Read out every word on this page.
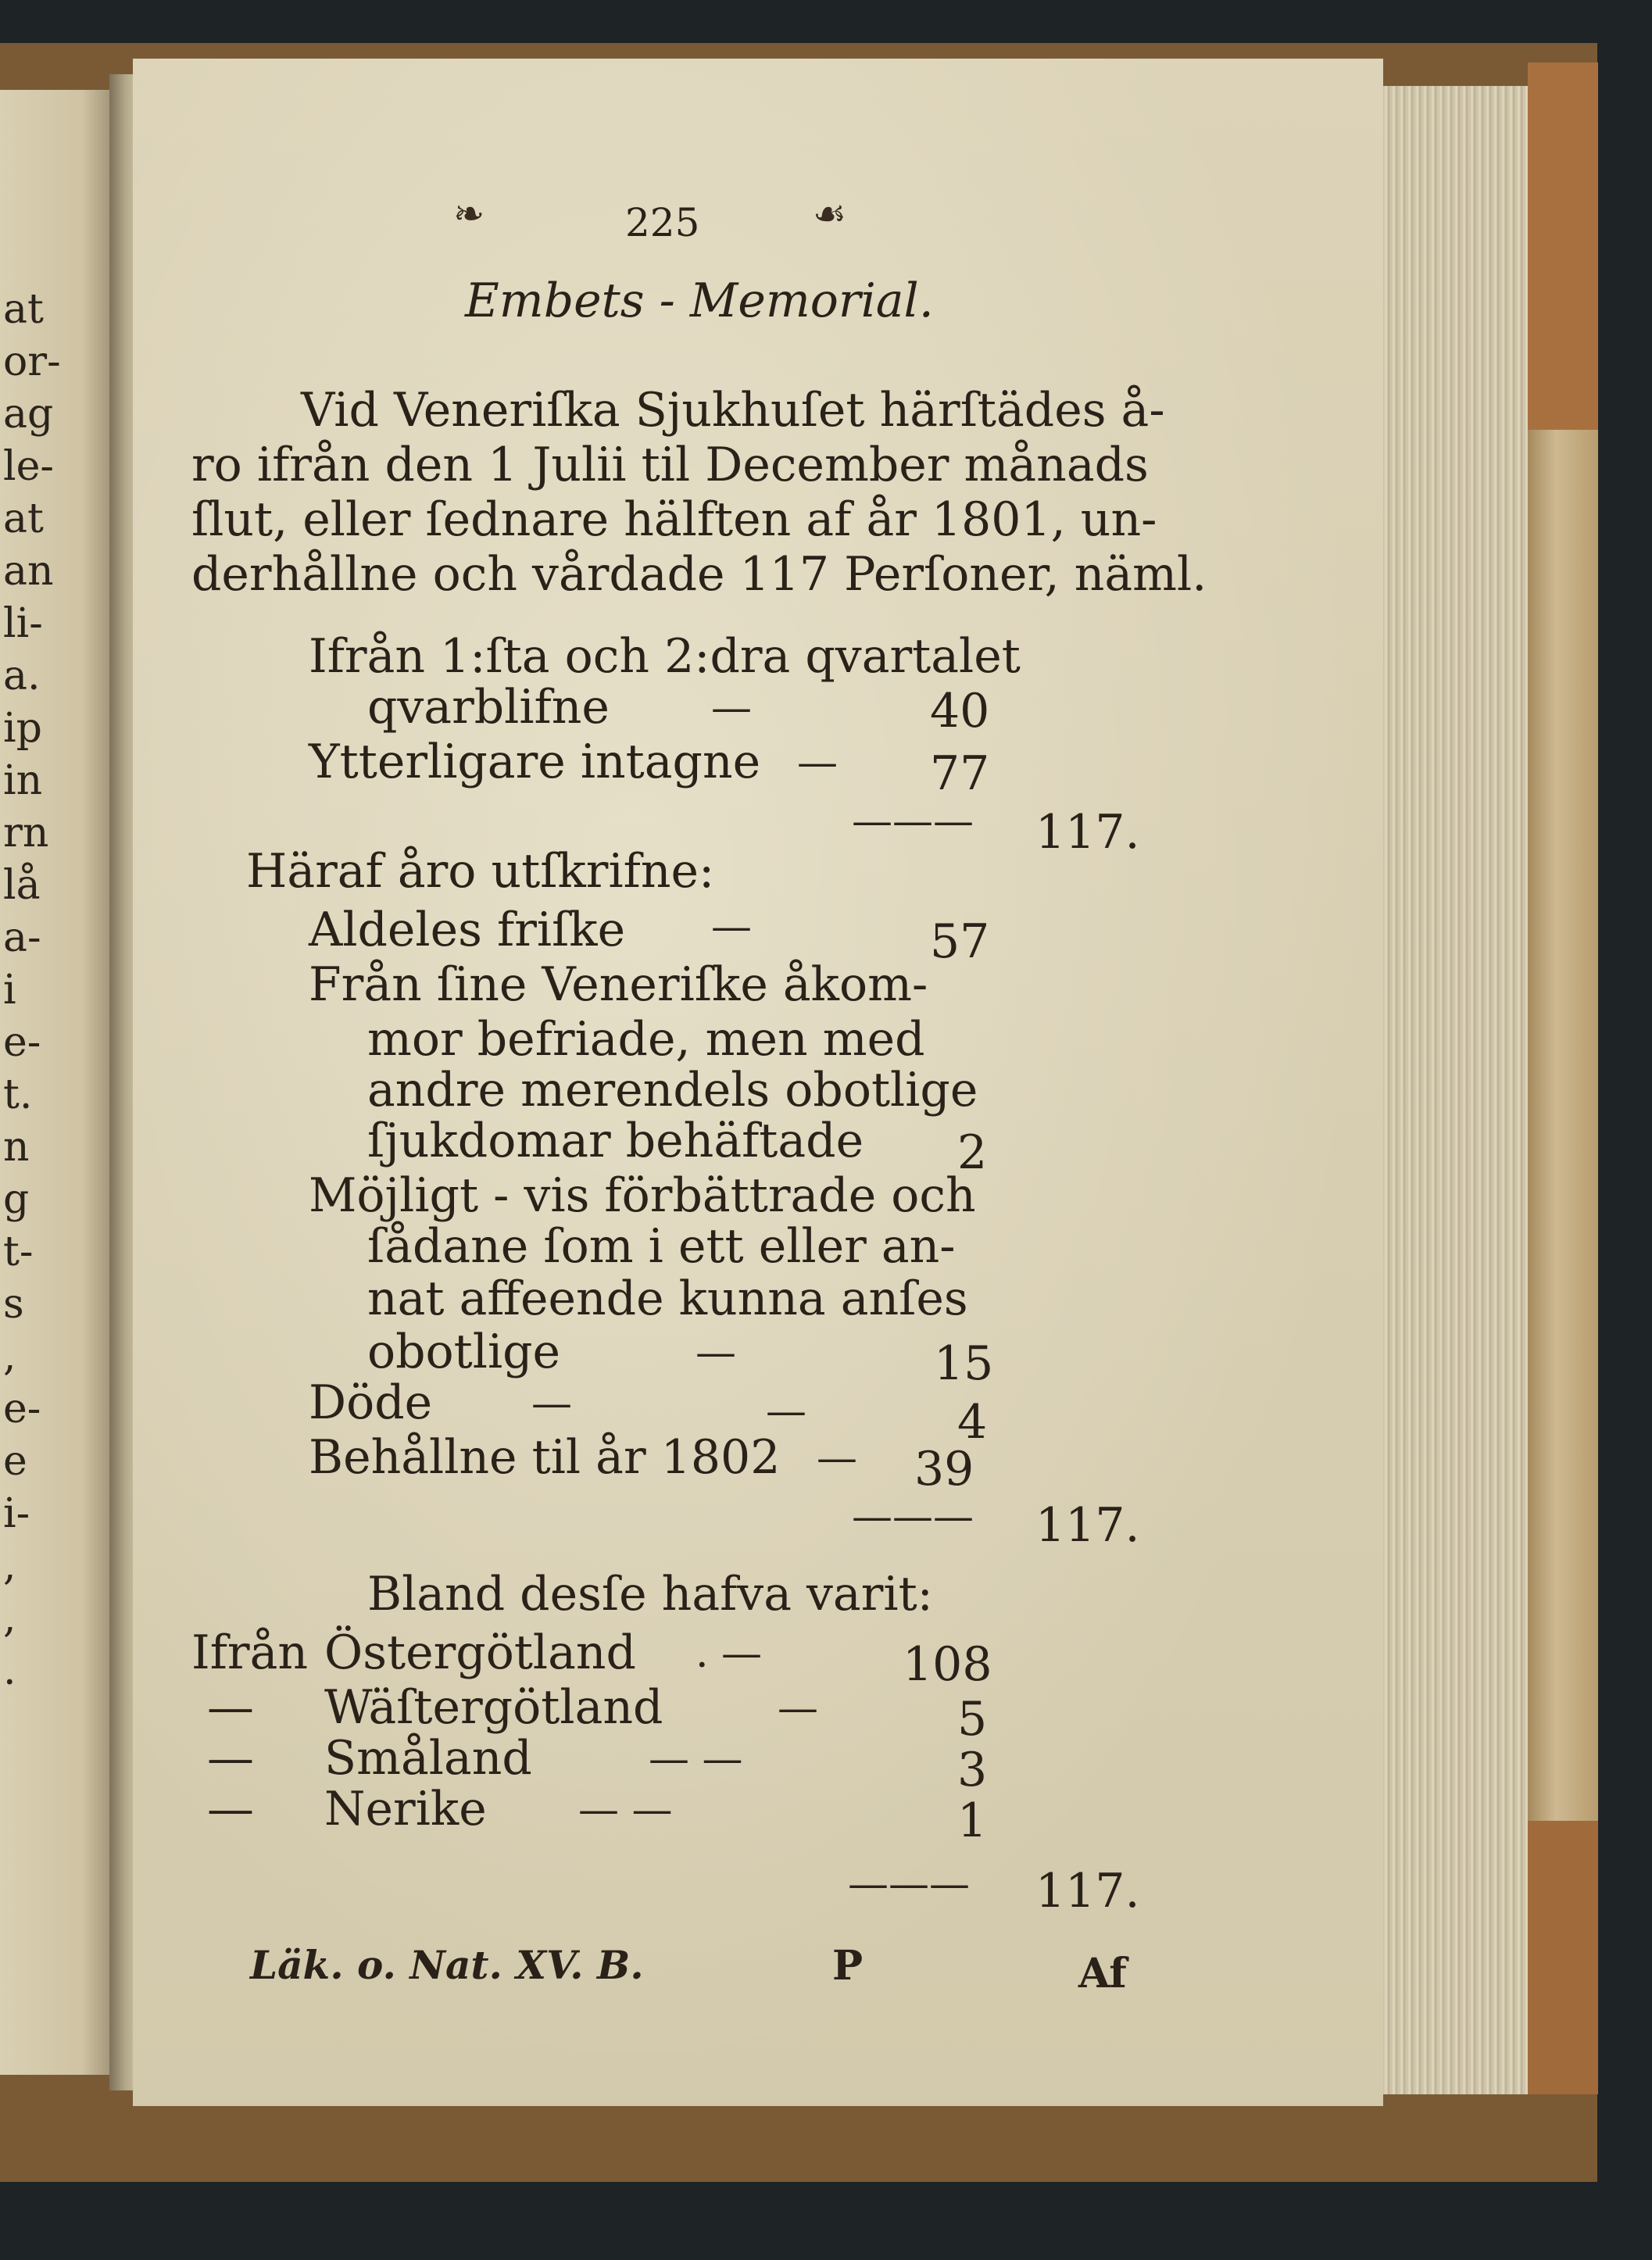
at
or-
ag
le-
at
an
li-
a.
ip
in
rn
lå
a-
i
e-
t.
n
g
t-
s
,
e-
e
i-
,
,
.
❧	225	☙
Embets - Memorial.
Vid Veneriſka Sjukhuſet härſtädes å-
ro ifrån den 1 Julii til December månads
ſlut, eller ſednare hälften af år 1801, un-
derhållne och vårdade 117 Perſoner, näml.
Ifrån 1:ſta och 2:dra qvartalet
qvarblifne	—	40
Ytterligare intagne — 77
——— 117.
Häraf åro utſkrifne:
Aldeles friſke —	57
Från ſine Veneriſke åkom-
mor befriade, men med
andre merendels obotlige
ſjukdomar behäftade 2
Möjligt - vis förbättrade och
ſådane ſom i ett eller an-
nat affeende kunna anſes
obotlige	—	15
Döde —	—	4
Behållne til år 1802 — 39
——— 117.
Bland desſe hafva varit:
Ifrån Östergötland . —	108
— Wäſtergötland	—	5
— Småland	— —	3
— Nerike — —	1
——— 117.
Läk. o. Nat. XV. B.	P	Af
